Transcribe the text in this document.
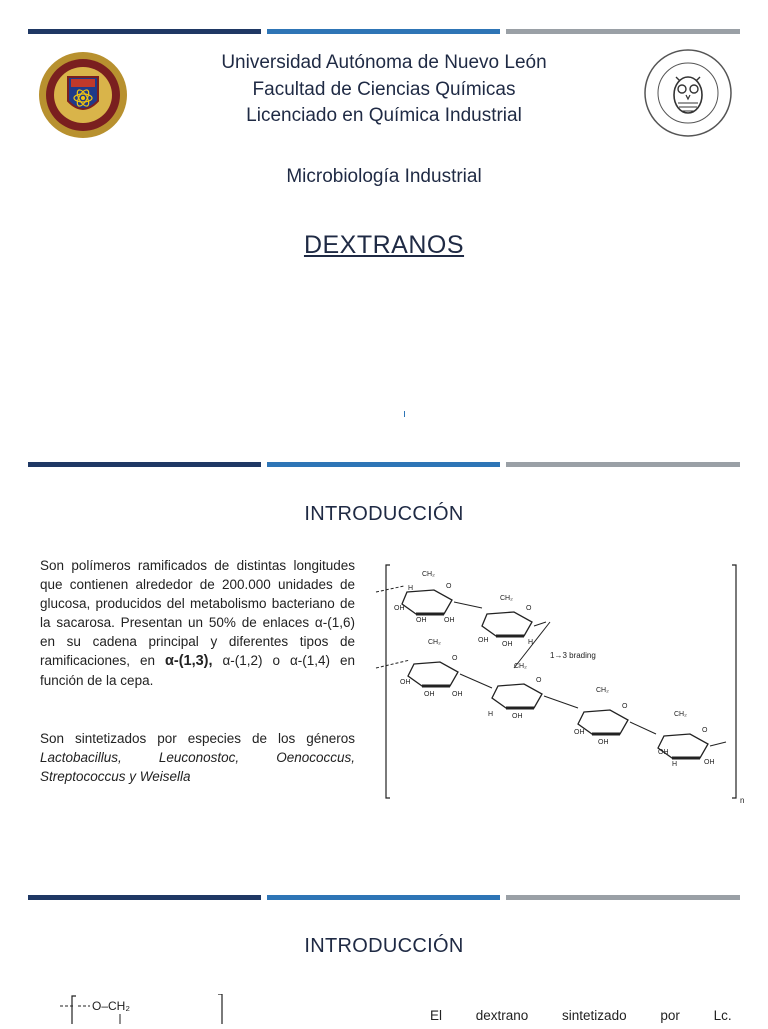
Universidad Autónoma de Nuevo León
Facultad de Ciencias Químicas
Licenciado en Química Industrial
Microbiología Industrial
DEXTRANOS
INTRODUCCIÓN
Son polímeros ramificados de distintas longitudes que contienen alrededor de 200.000 unidades de glucosa, producidos del metabolismo bacteriano de la sacarosa. Presentan un 50% de enlaces α-(1,6) en su cadena principal y diferentes tipos de ramificaciones, en α-(1,3), α-(1,2) o α-(1,4) en función de la cepa.
Son sintetizados por especies de los géneros Lactobacillus, Leuconostoc, Oenococcus, Streptococcus y Weisella
n
1→3 brading
CH₂
O
OH
OH	OH
H
CH₂
O
OH
OH H
CH₂
O
OH
OH	OH
CH₂
O
H	OH
CH₂
O
OH
OH
CH₂
O
OH
H	OH
INTRODUCCIÓN
O–CH₂
El dextrano sintetizado por Lc.
